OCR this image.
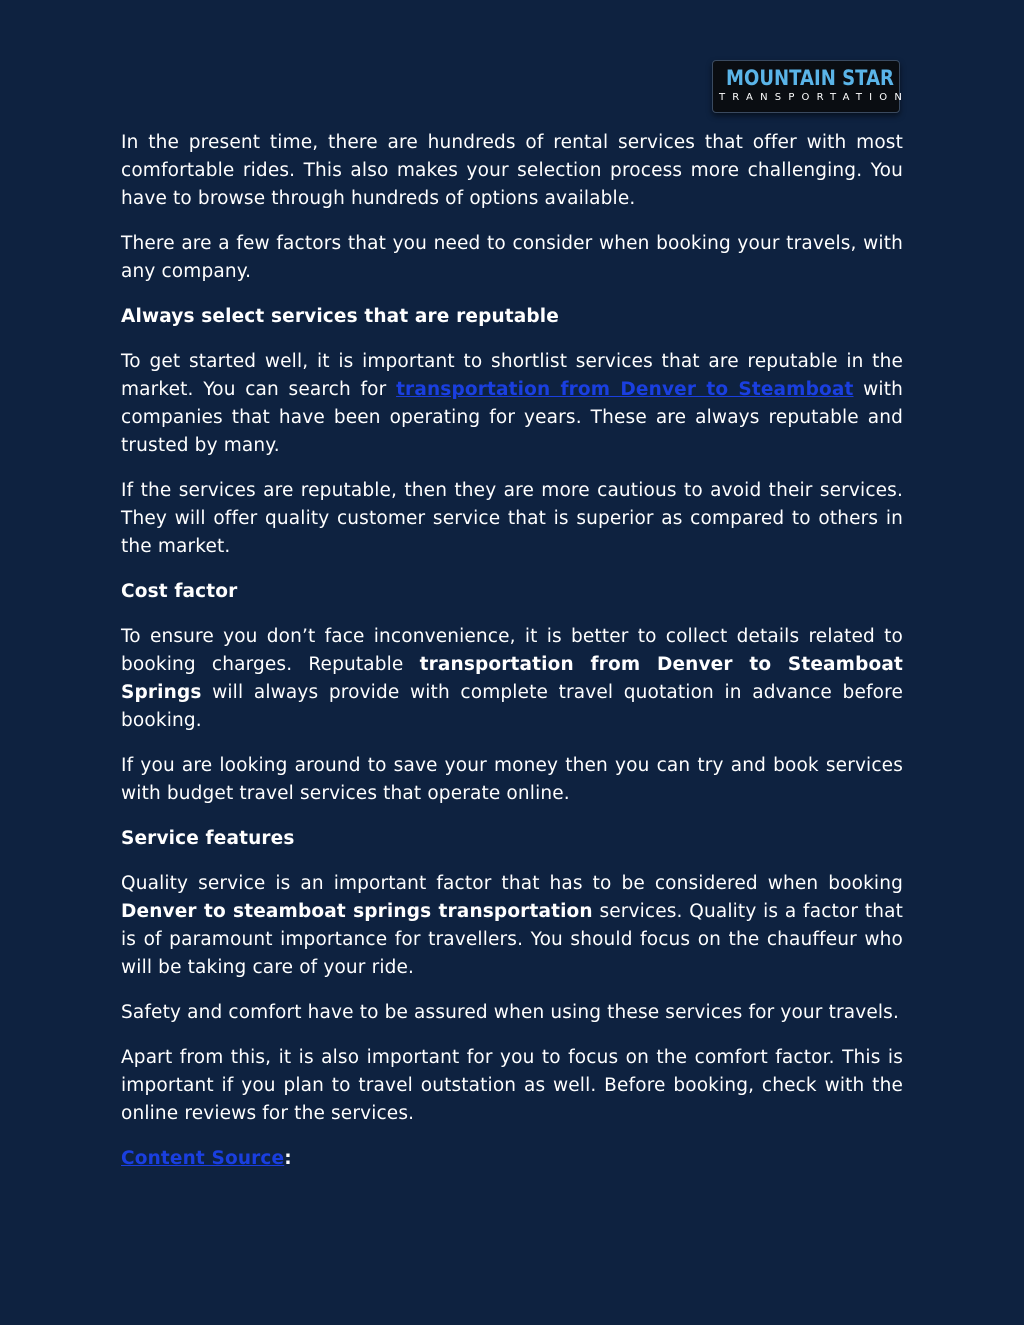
MOUNTAIN STAR
TRANSPORTATION

In the present time, there are hundreds of rental services that offer with most comfortable rides. This also makes your selection process more challenging. You have to browse through hundreds of options available.

There are a few factors that you need to consider when booking your travels, with any company.

Always select services that are reputable

To get started well, it is important to shortlist services that are reputable in the market. You can search for transportation from Denver to Steamboat with companies that have been operating for years. These are always reputable and trusted by many.

If the services are reputable, then they are more cautious to avoid their services. They will offer quality customer service that is superior as compared to others in the market.

Cost factor

To ensure you don’t face inconvenience, it is better to collect details related to booking charges. Reputable transportation from Denver to Steamboat Springs will always provide with complete travel quotation in advance before booking.

If you are looking around to save your money then you can try and book services with budget travel services that operate online.

Service features

Quality service is an important factor that has to be considered when booking Denver to steamboat springs transportation services. Quality is a factor that is of paramount importance for travellers. You should focus on the chauffeur who will be taking care of your ride.

Safety and comfort have to be assured when using these services for your travels.

Apart from this, it is also important for you to focus on the comfort factor. This is important if you plan to travel outstation as well. Before booking, check with the online reviews for the services.

Content Source:
